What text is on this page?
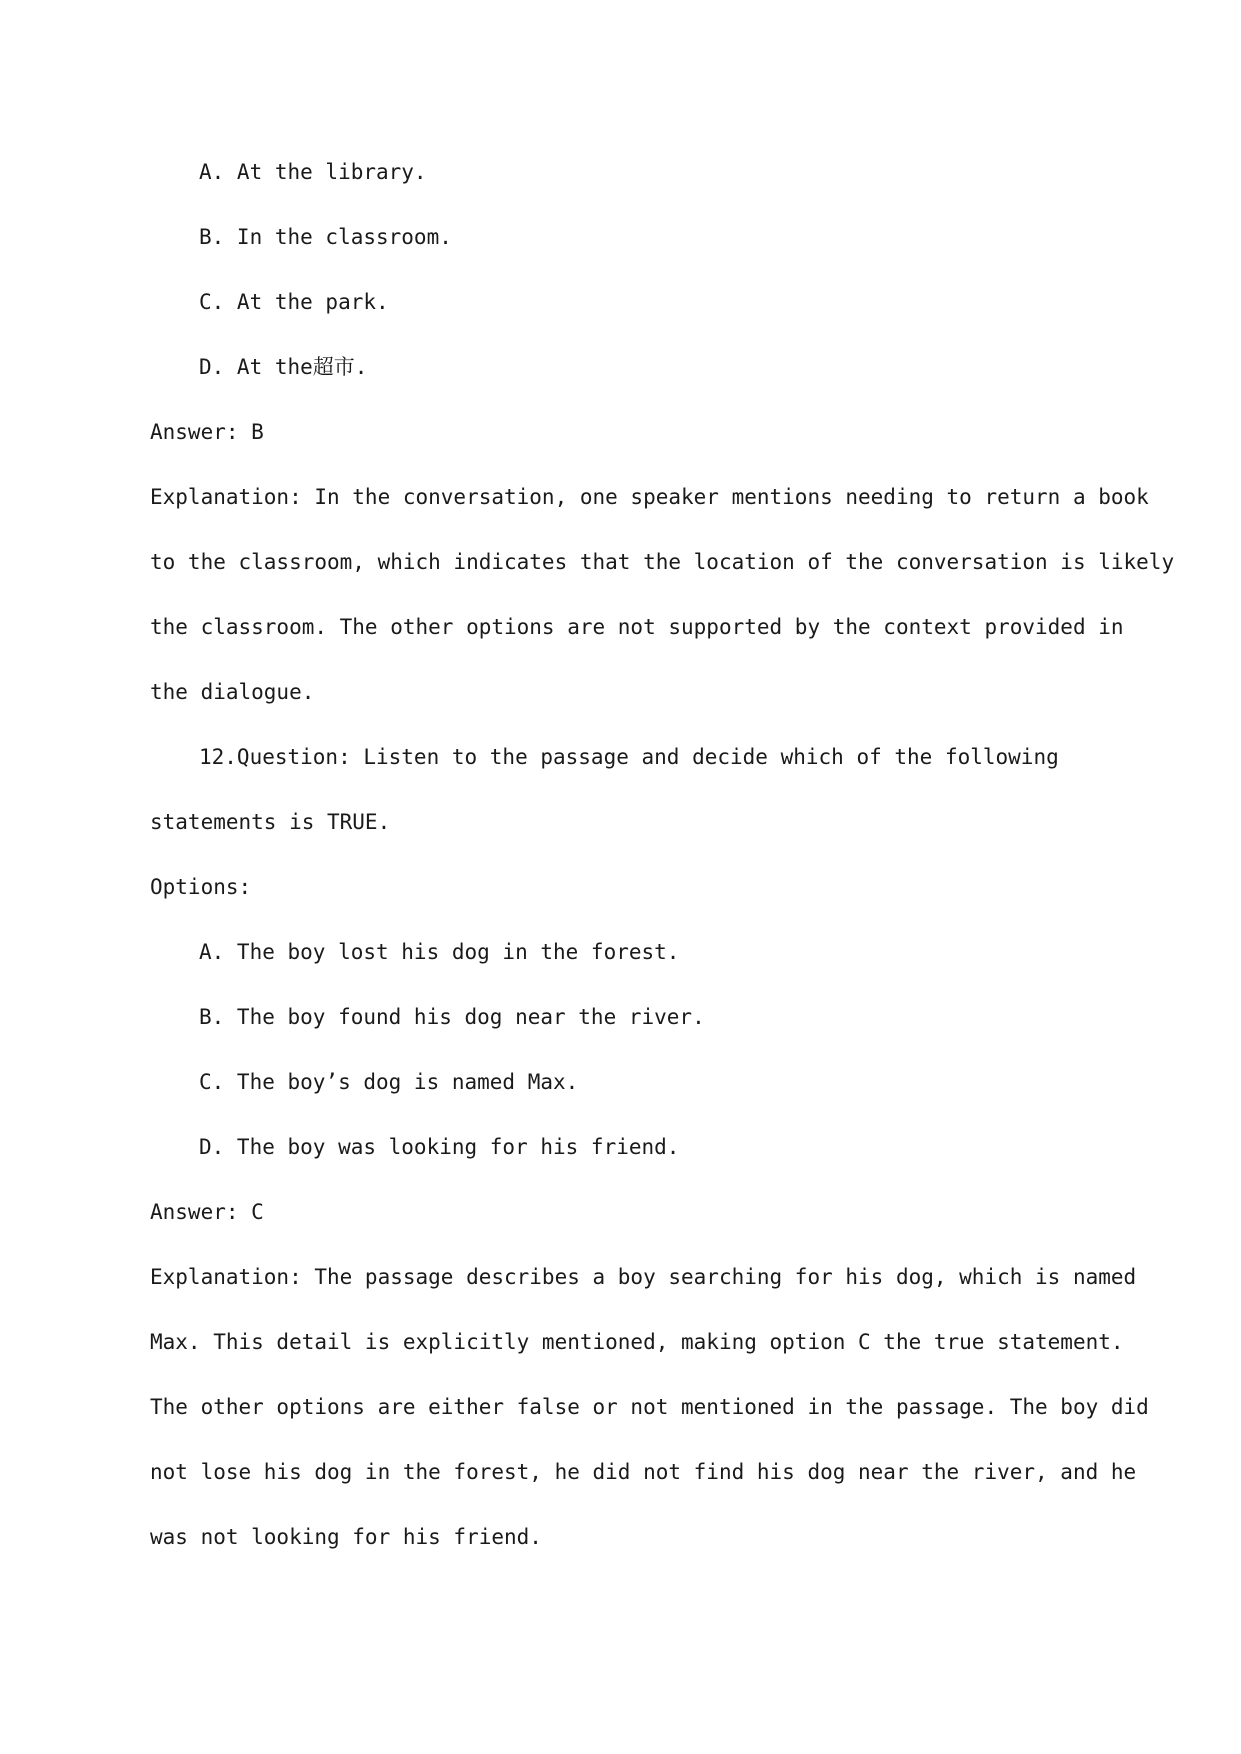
A. At the library.
B. In the classroom.
C. At the park.
D. At the超市.
Answer: B
Explanation: In the conversation, one speaker mentions needing to return a book
to the classroom, which indicates that the location of the conversation is likely
the classroom. The other options are not supported by the context provided in
the dialogue.
12.Question: Listen to the passage and decide which of the following
statements is TRUE.
Options:
A. The boy lost his dog in the forest.
B. The boy found his dog near the river.
C. The boy’s dog is named Max.
D. The boy was looking for his friend.
Answer: C
Explanation: The passage describes a boy searching for his dog, which is named
Max. This detail is explicitly mentioned, making option C the true statement.
The other options are either false or not mentioned in the passage. The boy did
not lose his dog in the forest, he did not find his dog near the river, and he
was not looking for his friend.
